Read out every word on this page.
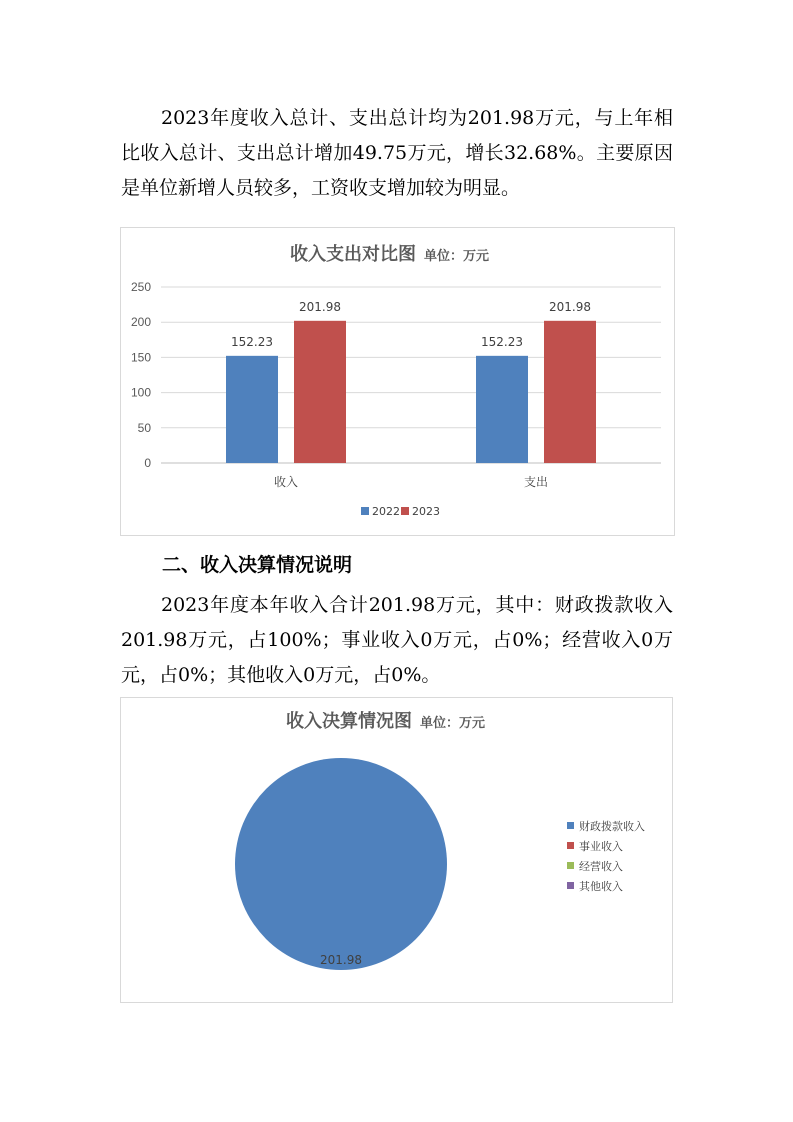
2023年度收入总计、支出总计均为201.98万元，与上年相比收入总计、支出总计增加49.75万元，增长32.68%。主要原因是单位新增人员较多，工资收支增加较为明显。

收入支出对比图 单位：万元
0
50
100
150
200
250
152.23
201.98
收入
152.23
201.98
支出
2022 2023

二、收入决算情况说明

2023年度本年收入合计201.98万元，其中：财政拨款收入201.98万元，占100%；事业收入0万元，占0%；经营收入0万元，占0%；其他收入0万元，占0%。

收入决算情况图 单位：万元
201.98
财政拨款收入
事业收入
经营收入
其他收入
